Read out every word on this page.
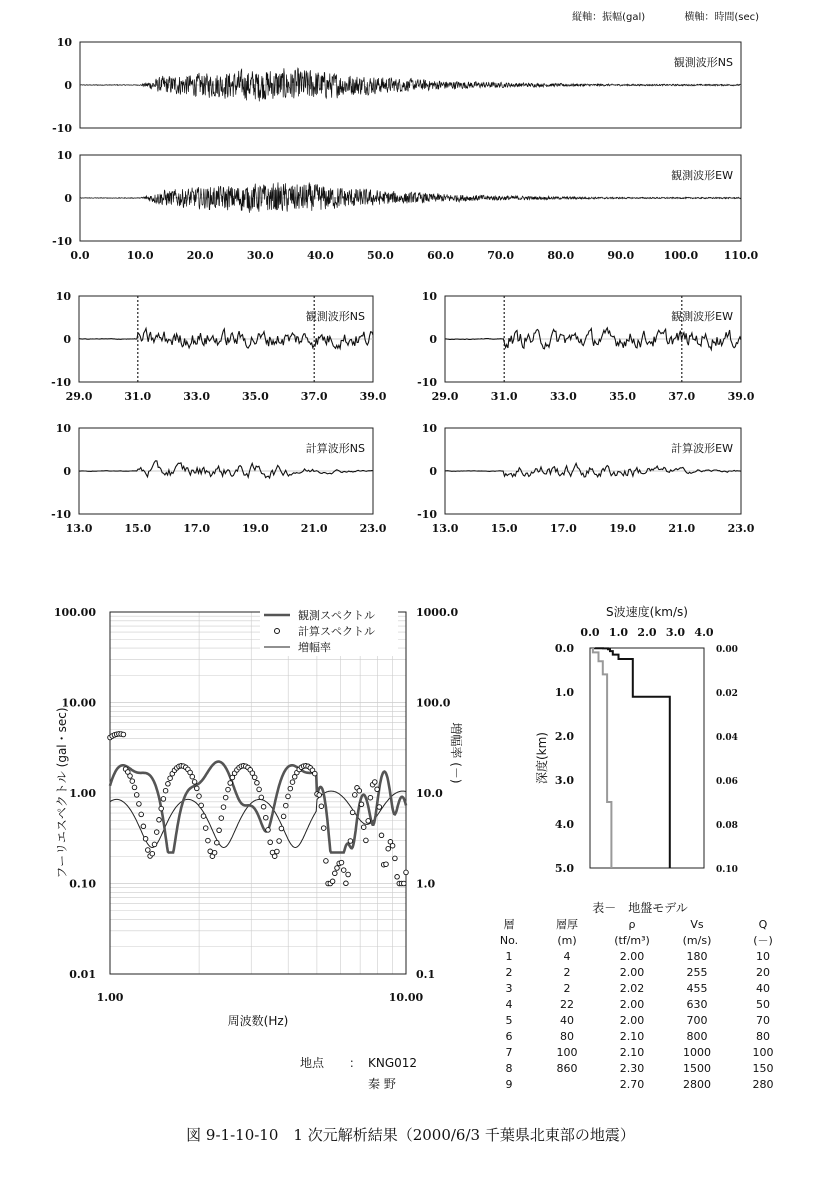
縦軸：振幅(gal)	横軸：時間(sec)
10
0
-10
観測波形NS
10
0
-10
0.0	10.0	20.0	30.0	40.0	50.0	60.0	70.0	80.0	90.0	100.0 110.0
観測波形EW
10
0
-10
29.0	31.0	33.0	35.0	37.0	39.0
観測波形NS
10
0
-10
29.0	31.0	33.0	35.0	37.0	39.0
観測波形EW
10
0
-10
13.0	15.0	17.0	19.0	21.0	23.0
計算波形NS
10
0
-10
13.0	15.0	17.0	19.0	21.0	23.0
計算波形EW
100.00
10.00
1.00
0.10
0.01
1000.0
100.0
10.0
1.0
0.1
1.00	10.00
周波数(Hz)
フーリエスペクトル (gal・sec)	増幅率 (－)
観測スペクトル
計算スペクトル
増幅率
0.0 1.0 2.0 3.0 4.0
0.0
1.0
2.0
3.0
4.0
5.0
0.00
0.02
0.04
0.06
0.08
0.10
S波速度(km/s)
深度(km)
地点	： KNG012
秦 野
表－　地盤モデル				
層	層厚	ρ	Vs	Q
No.	(m)	(tf/m³)	(m/s)	(－)
1	4	2.00	180	10
2	2	2.00	255	20
3	2	2.02	455	40
4	22	2.00	630	50
5	40	2.00	700	70
6	80	2.10	800	80
7	100	2.10	1000	100
8	860	2.30	1500	150
9		2.70	2800	280
図 9-1-10-10　1 次元解析結果（2000/6/3 千葉県北東部の地震）
